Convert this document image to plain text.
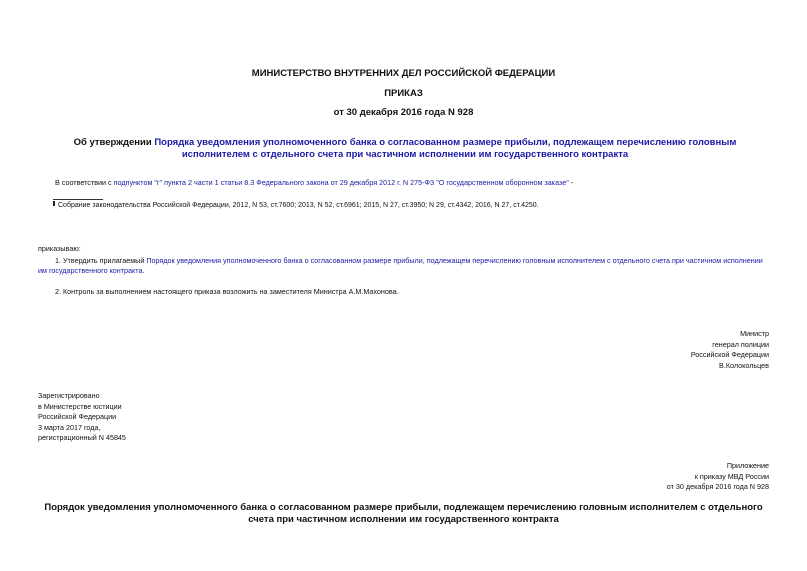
МИНИСТЕРСТВО ВНУТРЕННИХ ДЕЛ РОССИЙСКОЙ ФЕДЕРАЦИИ
ПРИКАЗ
от 30 декабря 2016 года N 928
Об утверждении Порядка уведомления уполномоченного банка о согласованном размере прибыли, подлежащем перечислению головным исполнителем с отдельного счета при частичном исполнении им государственного контракта
В соответствии с подпунктом "г" пункта 2 части 1 статьи 8.3 Федерального закона от 29 декабря 2012 г. N 275-ФЗ "О государственном оборонном заказе" -
Собрание законодательства Российской Федерации, 2012, N 53, ст.7600; 2013, N 52, ст.6961; 2015, N 27, ст.3950; N 29, ст.4342; 2016, N 27, ст.4250.
приказываю:
1. Утвердить прилагаемый Порядок уведомления уполномоченного банка о согласованном размере прибыли, подлежащем перечислению головным исполнителем с отдельного счета при частичном исполнении им государственного контракта.
2. Контроль за выполнением настоящего приказа возложить на заместителя Министра А.М.Махонова.
Министр
генерал полиции
Российской Федерации
В.Колокольцев
Зарегистрировано
в Министерстве юстиции
Российской Федерации
3 марта 2017 года,
регистрационный N 45845
Приложение
к приказу МВД России
от 30 декабря 2016 года N 928
Порядок уведомления уполномоченного банка о согласованном размере прибыли, подлежащем перечислению головным исполнителем с отдельного счета при частичном исполнении им государственного контракта
